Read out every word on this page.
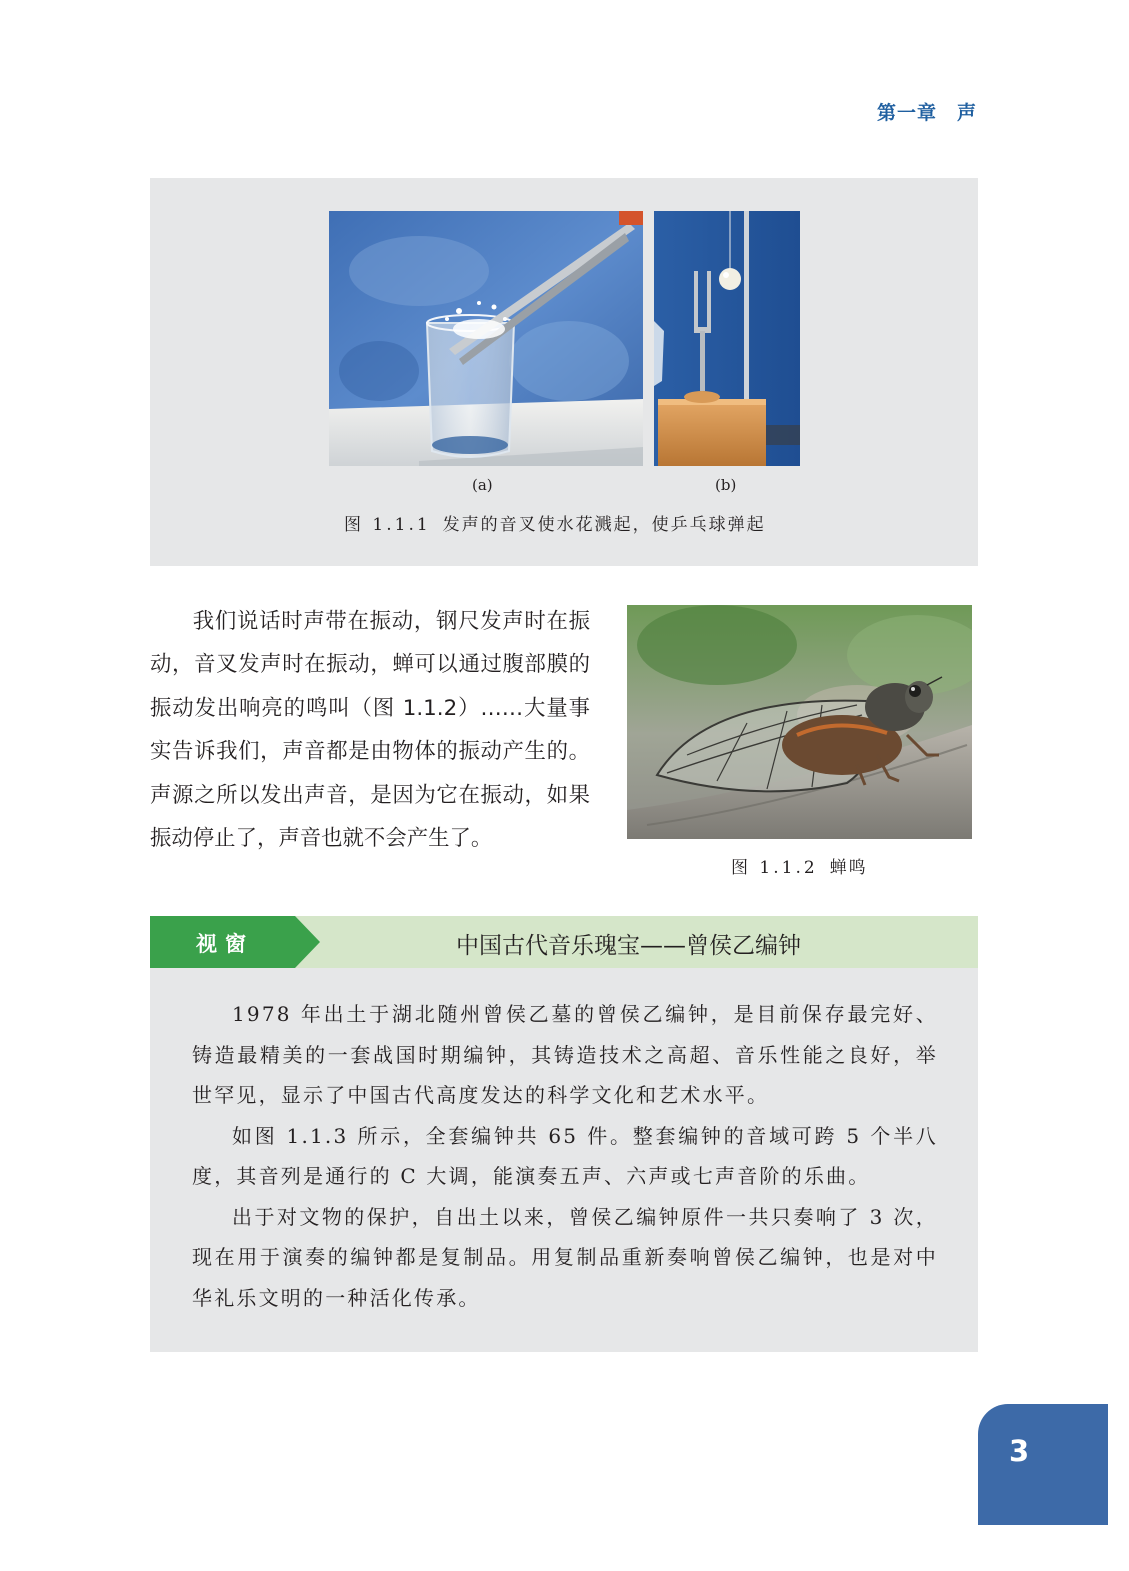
第一章 声
(a)	(b)
图 1.1.1 发声的音叉使水花溅起，使乒乓球弹起
我们说话时声带在振动，钢尺发声时在振动，音叉发声时在振动，蝉可以通过腹部膜的振动发出响亮的鸣叫（图 1.1.2）……大量事实告诉我们，声音都是由物体的振动产生的。声源之所以发出声音，是因为它在振动，如果振动停止了，声音也就不会产生了。
图 1.1.2 蝉鸣
视窗	中国古代音乐瑰宝——曾侯乙编钟

1978 年出土于湖北随州曾侯乙墓的曾侯乙编钟，是目前保存最完好、铸造最精美的一套战国时期编钟，其铸造技术之高超、音乐性能之良好，举世罕见，显示了中国古代高度发达的科学文化和艺术水平。

如图 1.1.3 所示，全套编钟共 65 件。整套编钟的音域可跨 5 个半八度，其音列是通行的 C 大调，能演奏五声、六声或七声音阶的乐曲。

出于对文物的保护，自出土以来，曾侯乙编钟原件一共只奏响了 3 次，现在用于演奏的编钟都是复制品。用复制品重新奏响曾侯乙编钟，也是对中华礼乐文明的一种活化传承。

3
